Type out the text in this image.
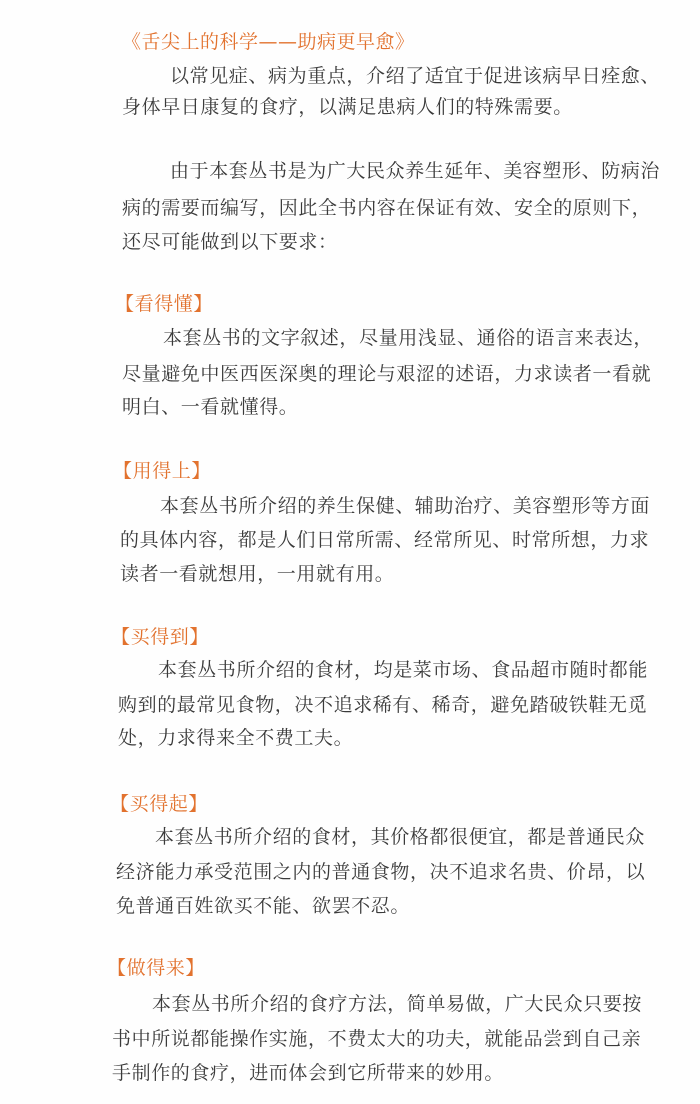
《舌尖上的科学——助病更早愈》
以常见症、病为重点，介绍了适宜于促进该病早日痊愈、
身体早日康复的食疗，以满足患病人们的特殊需要。
由于本套丛书是为广大民众养生延年、美容塑形、防病治
病的需要而编写，因此全书内容在保证有效、安全的原则下，
还尽可能做到以下要求：
【看得懂】
本套丛书的文字叙述，尽量用浅显、通俗的语言来表达，
尽量避免中医西医深奥的理论与艰涩的述语，力求读者一看就
明白、一看就懂得。
【用得上】
本套丛书所介绍的养生保健、辅助治疗、美容塑形等方面
的具体内容，都是人们日常所需、经常所见、时常所想，力求
读者一看就想用，一用就有用。
【买得到】
本套丛书所介绍的食材，均是菜市场、食品超市随时都能
购到的最常见食物，决不追求稀有、稀奇，避免踏破铁鞋无觅
处，力求得来全不费工夫。
【买得起】
本套丛书所介绍的食材，其价格都很便宜，都是普通民众
经济能力承受范围之内的普通食物，决不追求名贵、价昂，以
免普通百姓欲买不能、欲罢不忍。
【做得来】
本套丛书所介绍的食疗方法，简单易做，广大民众只要按
书中所说都能操作实施，不费太大的功夫，就能品尝到自己亲
手制作的食疗，进而体会到它所带来的妙用。
